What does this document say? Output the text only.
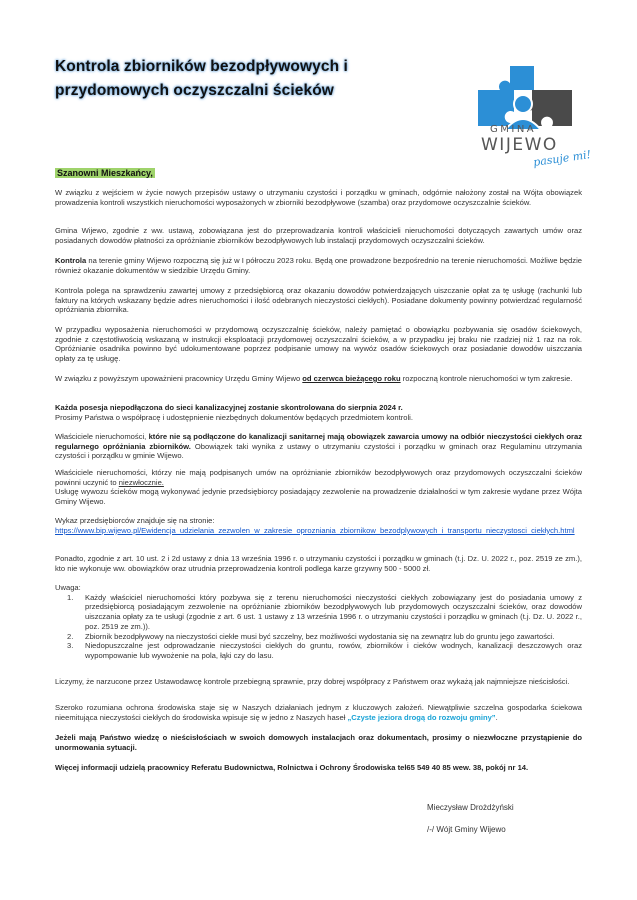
Kontrola zbiorników bezodpływowych i
przydomowych oczyszczalni ścieków
GMINA
WIJEWO
pasuje mi!
Szanowni Mieszkańcy,

W związku z wejściem w życie nowych przepisów ustawy o utrzymaniu czystości i porządku w gminach, odgórnie nałożony został na Wójta obowiązek prowadzenia kontroli wszystkich nieruchomości wyposażonych w zbiorniki bezodpływowe (szamba) oraz przydomowe oczyszczalnie ścieków.

Gmina Wijewo, zgodnie z ww. ustawą, zobowiązana jest do przeprowadzania kontroli właścicieli nieruchomości dotyczących zawartych umów oraz posiadanych dowodów płatności za opróżnianie zbiorników bezodpływowych lub instalacji przydomowych oczyszczalni ścieków.

Kontrola na terenie gminy Wijewo rozpoczną się już w I półroczu 2023 roku. Będą one prowadzone bezpośrednio na terenie nieruchomości. Możliwe będzie również okazanie dokumentów w siedzibie Urzędu Gminy.

Kontrola polega na sprawdzeniu zawartej umowy z przedsiębiorcą oraz okazaniu dowodów potwierdzających uiszczanie opłat za tę usługę (rachunki lub faktury na których wskazany będzie adres nieruchomości i ilość odebranych nieczystości ciekłych). Posiadane dokumenty powinny potwierdzać regularność opróżniania zbiornika.

W przypadku wyposażenia nieruchomości w przydomową oczyszczalnię ścieków, należy pamiętać o obowiązku pozbywania się osadów ściekowych, zgodnie z częstotliwością wskazaną w instrukcji eksploatacji przydomowej oczyszczalni ścieków, a w przypadku jej braku nie rzadziej niż 1 raz na rok. Opróżnianie osadnika powinno być udokumentowane poprzez podpisanie umowy na wywóz osadów ściekowych oraz posiadanie dowodów uiszczania opłaty za tę usługę.

W związku z powyższym upoważnieni pracownicy Urzędu Gminy Wijewo od czerwca bieżącego roku rozpoczną kontrole nieruchomości w tym zakresie.

Każda posesja niepodłączona do sieci kanalizacyjnej zostanie skontrolowana do sierpnia 2024 r.

Prosimy Państwa o współpracę i udostępnienie niezbędnych dokumentów będących przedmiotem kontroli.

Właściciele nieruchomości, które nie są podłączone do kanalizacji sanitarnej mają obowiązek zawarcia umowy na odbiór nieczystości ciekłych oraz regularnego opróżniania zbiorników. Obowiązek taki wynika z ustawy o utrzymaniu czystości i porządku w gminach oraz Regulaminu utrzymania czystości i porządku w gminie Wijewo.

Właściciele nieruchomości, którzy nie mają podpisanych umów na opróżnianie zbiorników bezodpływowych oraz przydomowych oczyszczalni ścieków powinni uczynić to niezwłocznie.

Usługę wywozu ścieków mogą wykonywać jedynie przedsiębiorcy posiadający zezwolenie na prowadzenie działalności w tym zakresie wydane przez Wójta Gminy Wijewo.

Wykaz przedsiębiorców znajduje się na stronie:

https://www.bip.wijewo.pl/Ewidencja_udzielania_zezwolen_w_zakresie_oprozniania_zbiornikow_bezodplywowych_i_transportu_nieczystosci_ciekłych.html

Ponadto, zgodnie z art. 10 ust. 2 i 2d ustawy z dnia 13 września 1996 r. o utrzymaniu czystości i porządku w gminach (t.j. Dz. U. 2022 r., poz. 2519 ze zm.), kto nie wykonuje ww. obowiązków oraz utrudnia przeprowadzenia kontroli podlega karze grzywny 500 - 5000 zł.

Uwaga:

1. Każdy właściciel nieruchomości który pozbywa się z terenu nieruchomości nieczystości ciekłych zobowiązany jest do posiadania umowy z przedsiębiorcą posiadającym zezwolenie na opróżnianie zbiorników bezodpływowych lub przydomowych oczyszczalni ścieków, oraz dowodów uiszczania opłaty za te usługi (zgodnie z art. 6 ust. 1 ustawy z 13 września 1996 r. o utrzymaniu czystości i porządku w gminach (t.j. Dz. U. 2022 r., poz. 2519 ze zm.)).
2. Zbiornik bezodpływowy na nieczystości ciekłe musi być szczelny, bez możliwości wydostania się na zewnątrz lub do gruntu jego zawartości.
3. Niedopuszczalne jest odprowadzanie nieczystości ciekłych do gruntu, rowów, zbiorników i cieków wodnych, kanalizacji deszczowych oraz wypompowanie lub wywożenie na pola, łąki czy do lasu.

Liczymy, że narzucone przez Ustawodawcę kontrole przebiegną sprawnie, przy dobrej współpracy z Państwem oraz wykażą jak najmniejsze nieścisłości.

Szeroko rozumiana ochrona środowiska staje się w Naszych działaniach jednym z kluczowych założeń. Niewątpliwie szczelna gospodarka ściekowa nieemitująca nieczystości ciekłych do środowiska wpisuje się w jedno z Naszych haseł „Czyste jeziora drogą do rozwoju gminy”.

Jeżeli mają Państwo wiedzę o nieścisłościach w swoich domowych instalacjach oraz dokumentach, prosimy o niezwłoczne przystąpienie do unormowania sytuacji.

Więcej informacji udzielą pracownicy Referatu Budownictwa, Rolnictwa i Ochrony Środowiska tel65 549 40 85 wew. 38, pokój nr 14.

Mieczysław Drożdżyński
/-/ Wójt Gminy Wijewo
